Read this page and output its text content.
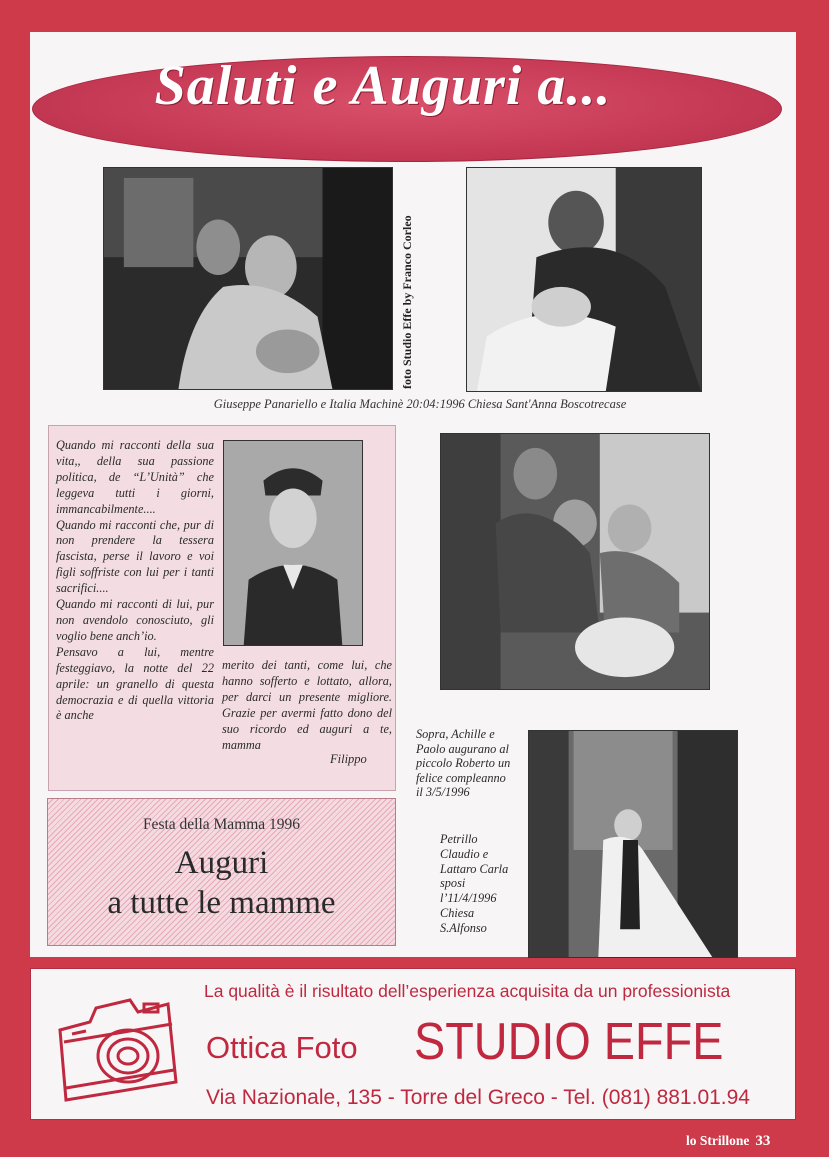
Saluti e Auguri a...
foto Studio Effe by Franco Corleo
Giuseppe Panariello e Italia Machinè 20:04:1996 Chiesa Sant'Anna Boscotrecase
Quando mi racconti della sua vita,, della sua passione politica, de “L’Unità” che leggeva tutti i giorni, immancabilmente....
Quando mi racconti che, pur di non prendere la tessera fascista, perse il lavoro e voi figli soffriste con lui per i tanti sacrifici....
Quando mi racconti di lui, pur non avendolo conosciuto, gli voglio bene anch’io.
Pensavo a lui, mentre festeggiavo, la notte del 22 aprile: un granello di questa democrazia e di quella vittoria è anche
merito dei tanti, come lui, che hanno sofferto e lottato, allora, per darci un presente migliore. Grazie per avermi fatto dono del suo ricordo ed auguri a te, mamma
Filippo
Sopra, Achille e
Paolo augurano al
piccolo Roberto un
felice compleanno
il 3/5/1996
Petrillo
Claudio e
Lattaro Carla
sposi
l’11/4/1996
Chiesa
S.Alfonso
Festa della Mamma 1996
Auguri
a tutte le mamme
La qualità è il risultato dell’esperienza acquisita da un professionista
Ottica Foto STUDIO EFFE
Via Nazionale, 135 - Torre del Greco - Tel. (081) 881.01.94
lo Strillone 33
